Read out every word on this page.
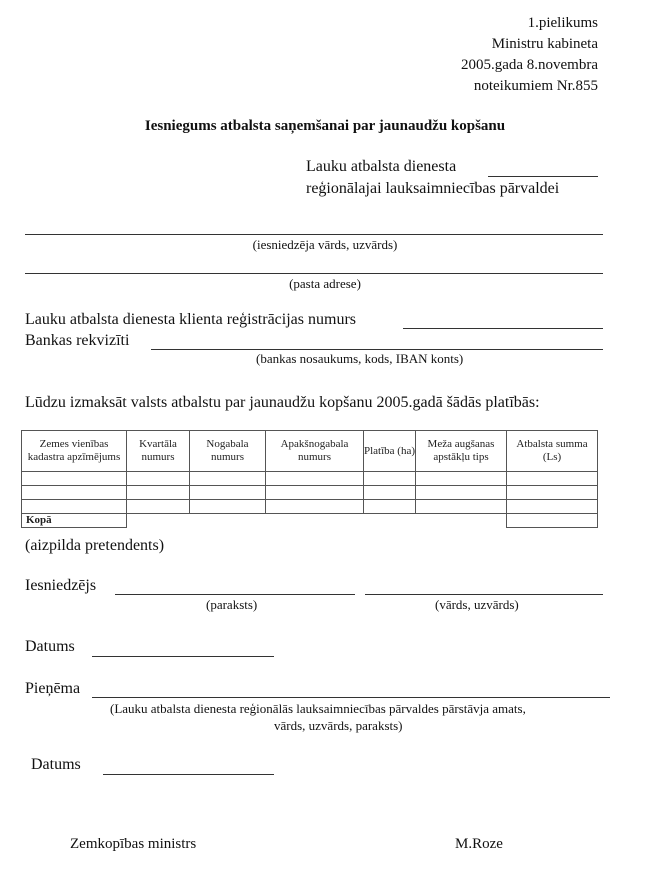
1.pielikums
Ministru kabineta
2005.gada 8.novembra
noteikumiem Nr.855
Iesniegums atbalsta saņemšanai par jaunaudžu kopšanu
Lauku atbalsta dienesta
reģionālajai lauksaimniecības pārvaldei
(iesniedzēja vārds, uzvārds)
(pasta adrese)
Lauku atbalsta dienesta klienta reģistrācijas numurs
Bankas rekvizīti
(bankas nosaukums, kods, IBAN konts)
Lūdzu izmaksāt valsts atbalstu par jaunaudžu kopšanu 2005.gadā šādās platībās:
Zemes vienības kadastra apzīmējums	Kvartāla numurs	Nogabala numurs	Apakšnogabala numurs	Platība (ha)	Meža augšanas apstākļu tips	Atbalsta summa (Ls)

Kopā						
(aizpilda pretendents)
Iesniedzējs
(paraksts)	(vārds, uzvārds)
Datums
Pieņēma
(Lauku atbalsta dienesta reģionālās lauksaimniecības pārvaldes pārstāvja amats,
vārds, uzvārds, paraksts)
Datums
Zemkopības ministrs	M.Roze
